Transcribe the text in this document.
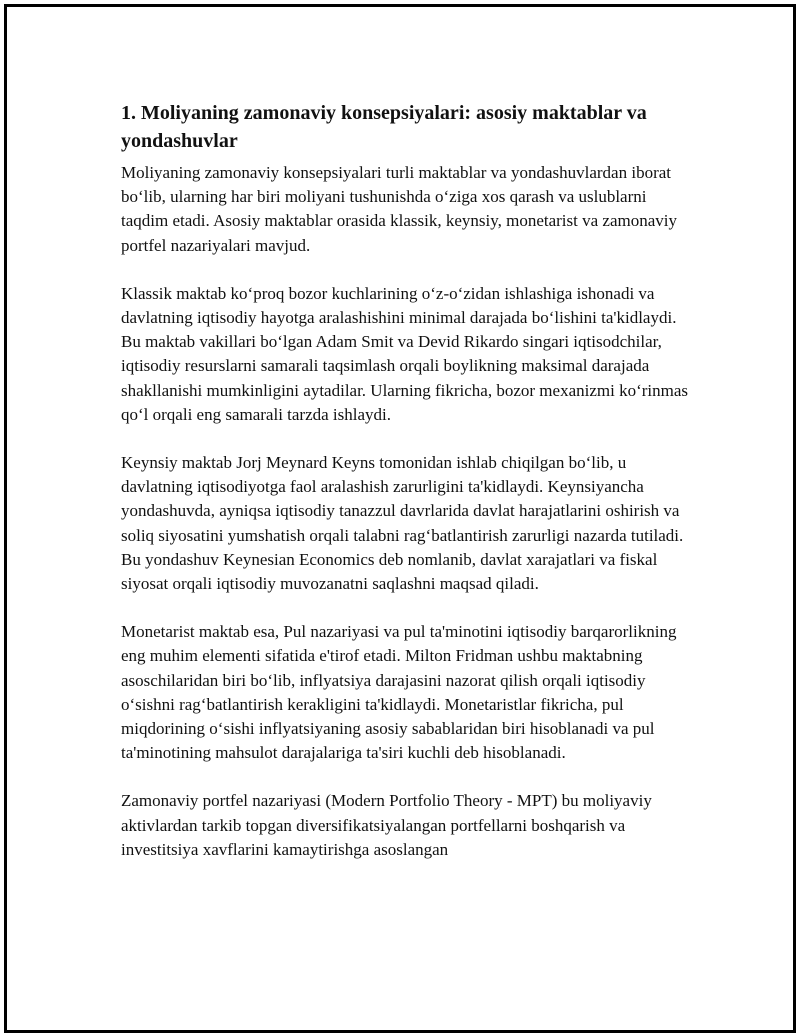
1. Moliyaning zamonaviy konsepsiyalari: asosiy maktablar va yondashuvlar

Moliyaning zamonaviy konsepsiyalari turli maktablar va yondashuvlardan iborat bo‘lib, ularning har biri moliyani tushunishda o‘ziga xos qarash va uslublarni taqdim etadi. Asosiy maktablar orasida klassik, keynsiy, monetarist va zamonaviy portfel nazariyalari mavjud.

Klassik maktab ko‘proq bozor kuchlarining o‘z-o‘zidan ishlashiga ishonadi va davlatning iqtisodiy hayotga aralashishini minimal darajada bo‘lishini ta'kidlaydi. Bu maktab vakillari bo‘lgan Adam Smit va Devid Rikardo singari iqtisodchilar, iqtisodiy resurslarni samarali taqsimlash orqali boylikning maksimal darajada shakllanishi mumkinligini aytadilar. Ularning fikricha, bozor mexanizmi ko‘rinmas qo‘l orqali eng samarali tarzda ishlaydi.

Keynsiy maktab Jorj Meynard Keyns tomonidan ishlab chiqilgan bo‘lib, u davlatning iqtisodiyotga faol aralashish zarurligini ta'kidlaydi. Keynsiyancha yondashuvda, ayniqsa iqtisodiy tanazzul davrlarida davlat harajatlarini oshirish va soliq siyosatini yumshatish orqali talabni rag‘batlantirish zarurligi nazarda tutiladi. Bu yondashuv Keynesian Economics deb nomlanib, davlat xarajatlari va fiskal siyosat orqali iqtisodiy muvozanatni saqlashni maqsad qiladi.

Monetarist maktab esa, Pul nazariyasi va pul ta'minotini iqtisodiy barqarorlikning eng muhim elementi sifatida e'tirof etadi. Milton Fridman ushbu maktabning asoschilaridan biri bo‘lib, inflyatsiya darajasini nazorat qilish orqali iqtisodiy o‘sishni rag‘batlantirish kerakligini ta'kidlaydi. Monetaristlar fikricha, pul miqdorining o‘sishi inflyatsiyaning asosiy sabablaridan biri hisoblanadi va pul ta'minotining mahsulot darajalariga ta'siri kuchli deb hisoblanadi.

Zamonaviy portfel nazariyasi (Modern Portfolio Theory - MPT) bu moliyaviy aktivlardan tarkib topgan diversifikatsiyalangan portfellarni boshqarish va investitsiya xavflarini kamaytirishga asoslangan
